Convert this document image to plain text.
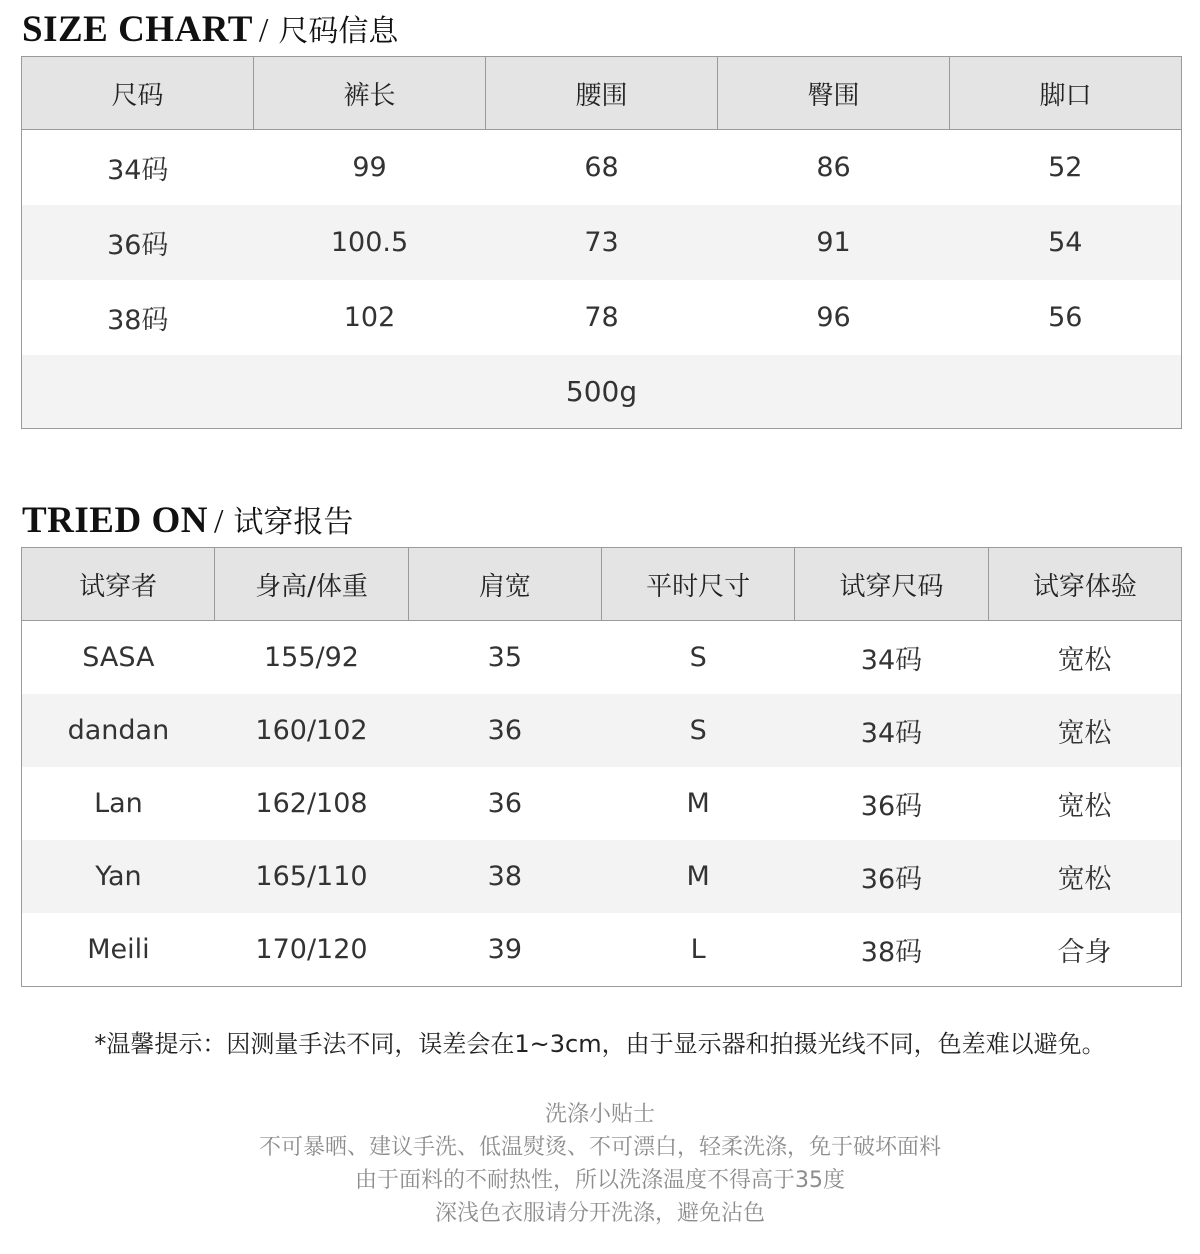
SIZE CHART / 尺码信息
尺码	裤长	腰围	臀围	脚口
34码	99	68	86	52
36码	100.5	73	91	54
38码	102	78	96	56
500g				
TRIED ON / 试穿报告
试穿者	身高/体重	肩宽	平时尺寸	试穿尺码	试穿体验
SASA	155/92	35	S	34码	宽松
dandan	160/102	36	S	34码	宽松
Lan	162/108	36	M	36码	宽松
Yan	165/110	38	M	36码	宽松
Meili	170/120	39	L	38码	合身
*温馨提示：因测量手法不同，误差会在1~3cm，由于显示器和拍摄光线不同，色差难以避免。
洗涤小贴士
不可暴晒、建议手洗、低温熨烫、不可漂白，轻柔洗涤，免于破坏面料
由于面料的不耐热性，所以洗涤温度不得高于35度
深浅色衣服请分开洗涤，避免沾色
